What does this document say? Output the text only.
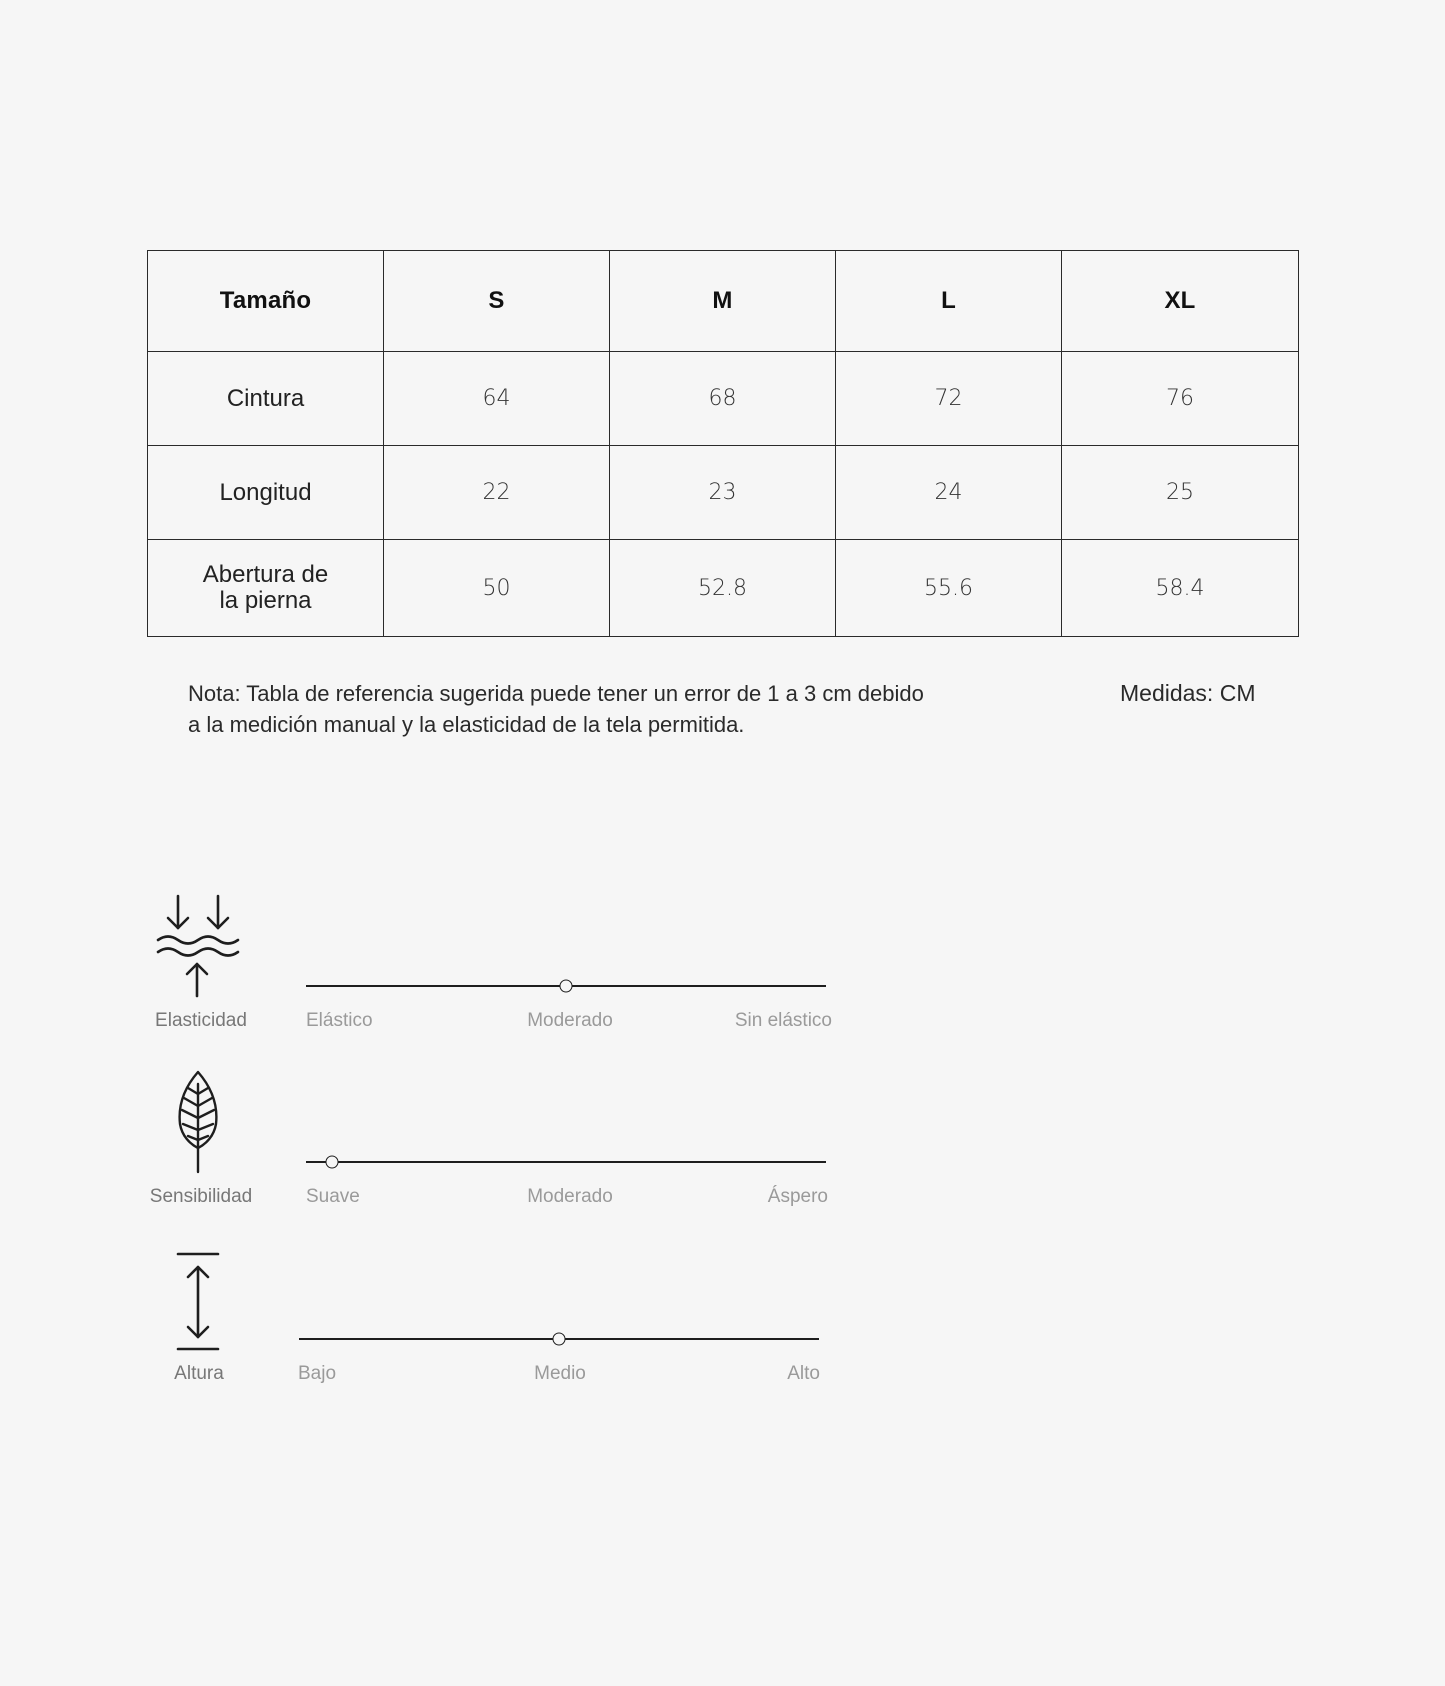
Tamaño	S	M	L	XL
Cintura	64	68	72	76
Longitud	22	23	24	25
Abertura de
la pierna	50	52.8	55.6	58.4
Nota: Tabla de referencia sugerida puede tener un error de 1 a 3 cm debido
a la medición manual y la elasticidad de la tela permitida.
Medidas: CM
Elasticidad	Elástico	Moderado	Sin elástico
Sensibilidad	Suave	Moderado	Áspero
Altura	Bajo	Medio	Alto
